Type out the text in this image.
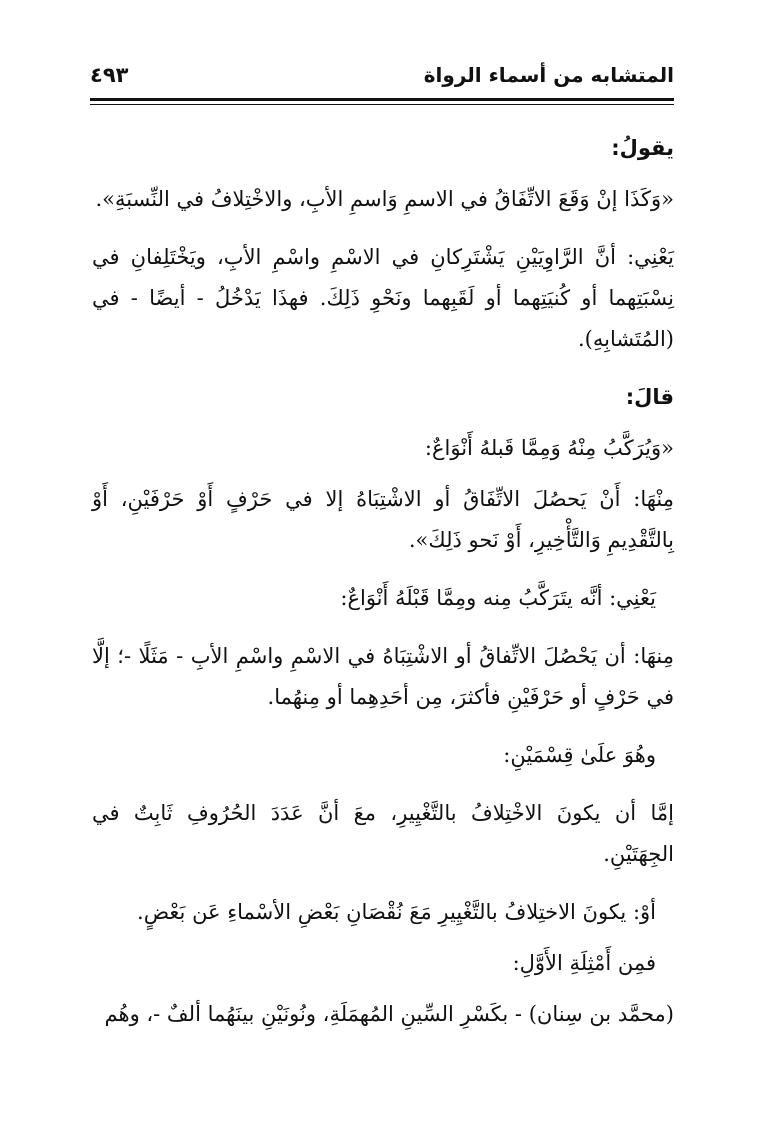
المتشابه من أسماء الرواة
٤٩٣

يقولُ:

«وَكَذَا إنْ وَقَعَ الاتِّفَاقُ في الاسمِ وَاسمِ الأبِ، والاخْتِلافُ في النِّسبَةِ».

يَعْنِي: أنَّ الرَّاوِيَيْنِ يَشْتَرِكانِ في الاسْمِ واسْمِ الأبِ، ويَخْتَلِفانِ في نِسْبَتِهما أو كُنيَتِهما أو لَقَبِهما ونَحْوِ ذَلِكَ. فهذَا يَدْخُلُ - أيضًا - في (المُتَشابِهِ).

قالَ:

«وَيُرَكَّبُ مِنْهُ وَمِمَّا قَبلهُ أَنْوَاعٌ:

مِنْهَا: أَنْ يَحصُلَ الاتِّفَاقُ أو الاشْتِبَاهُ إلا في حَرْفٍ أَوْ حَرْفَيْنِ، أَوْ بِالتَّقْدِيمِ وَالتَّأْخِيرِ، أَوْ نَحو ذَلِكَ».

يَعْنِي: أنَّه يتَرَكَّبُ مِنه ومِمَّا قَبْلَهُ أَنْوَاعٌ:

مِنهَا: أن يَحْصُلَ الاتِّفاقُ أو الاشْتِبَاهُ في الاسْمِ واسْمِ الأبِ - مَثَلًا -؛ إلَّا في حَرْفٍ أو حَرْفَيْنِ فأكثرَ، مِن أحَدِهِما أو مِنهُما.

وهُوَ علَىٰ قِسْمَيْنِ:

إمَّا أن يكونَ الاخْتِلافُ بالتَّغْيِيرِ، معَ أنَّ عَدَدَ الحُرُوفِ ثَابِتٌ في الجِهَتَيْنِ.

أوْ: يكونَ الاختِلافُ بالتَّغْيِيرِ مَعَ نُقْصَانِ بَعْضِ الأسْماءِ عَن بَعْضٍ.

فمِن أَمْثِلَةِ الأَوَّلِ:

(محمَّد بن سِنان) - بكَسْرِ السِّينِ المُهمَلَةِ، ونُونَيْنِ بينَهُما ألفٌ -، وهُم
